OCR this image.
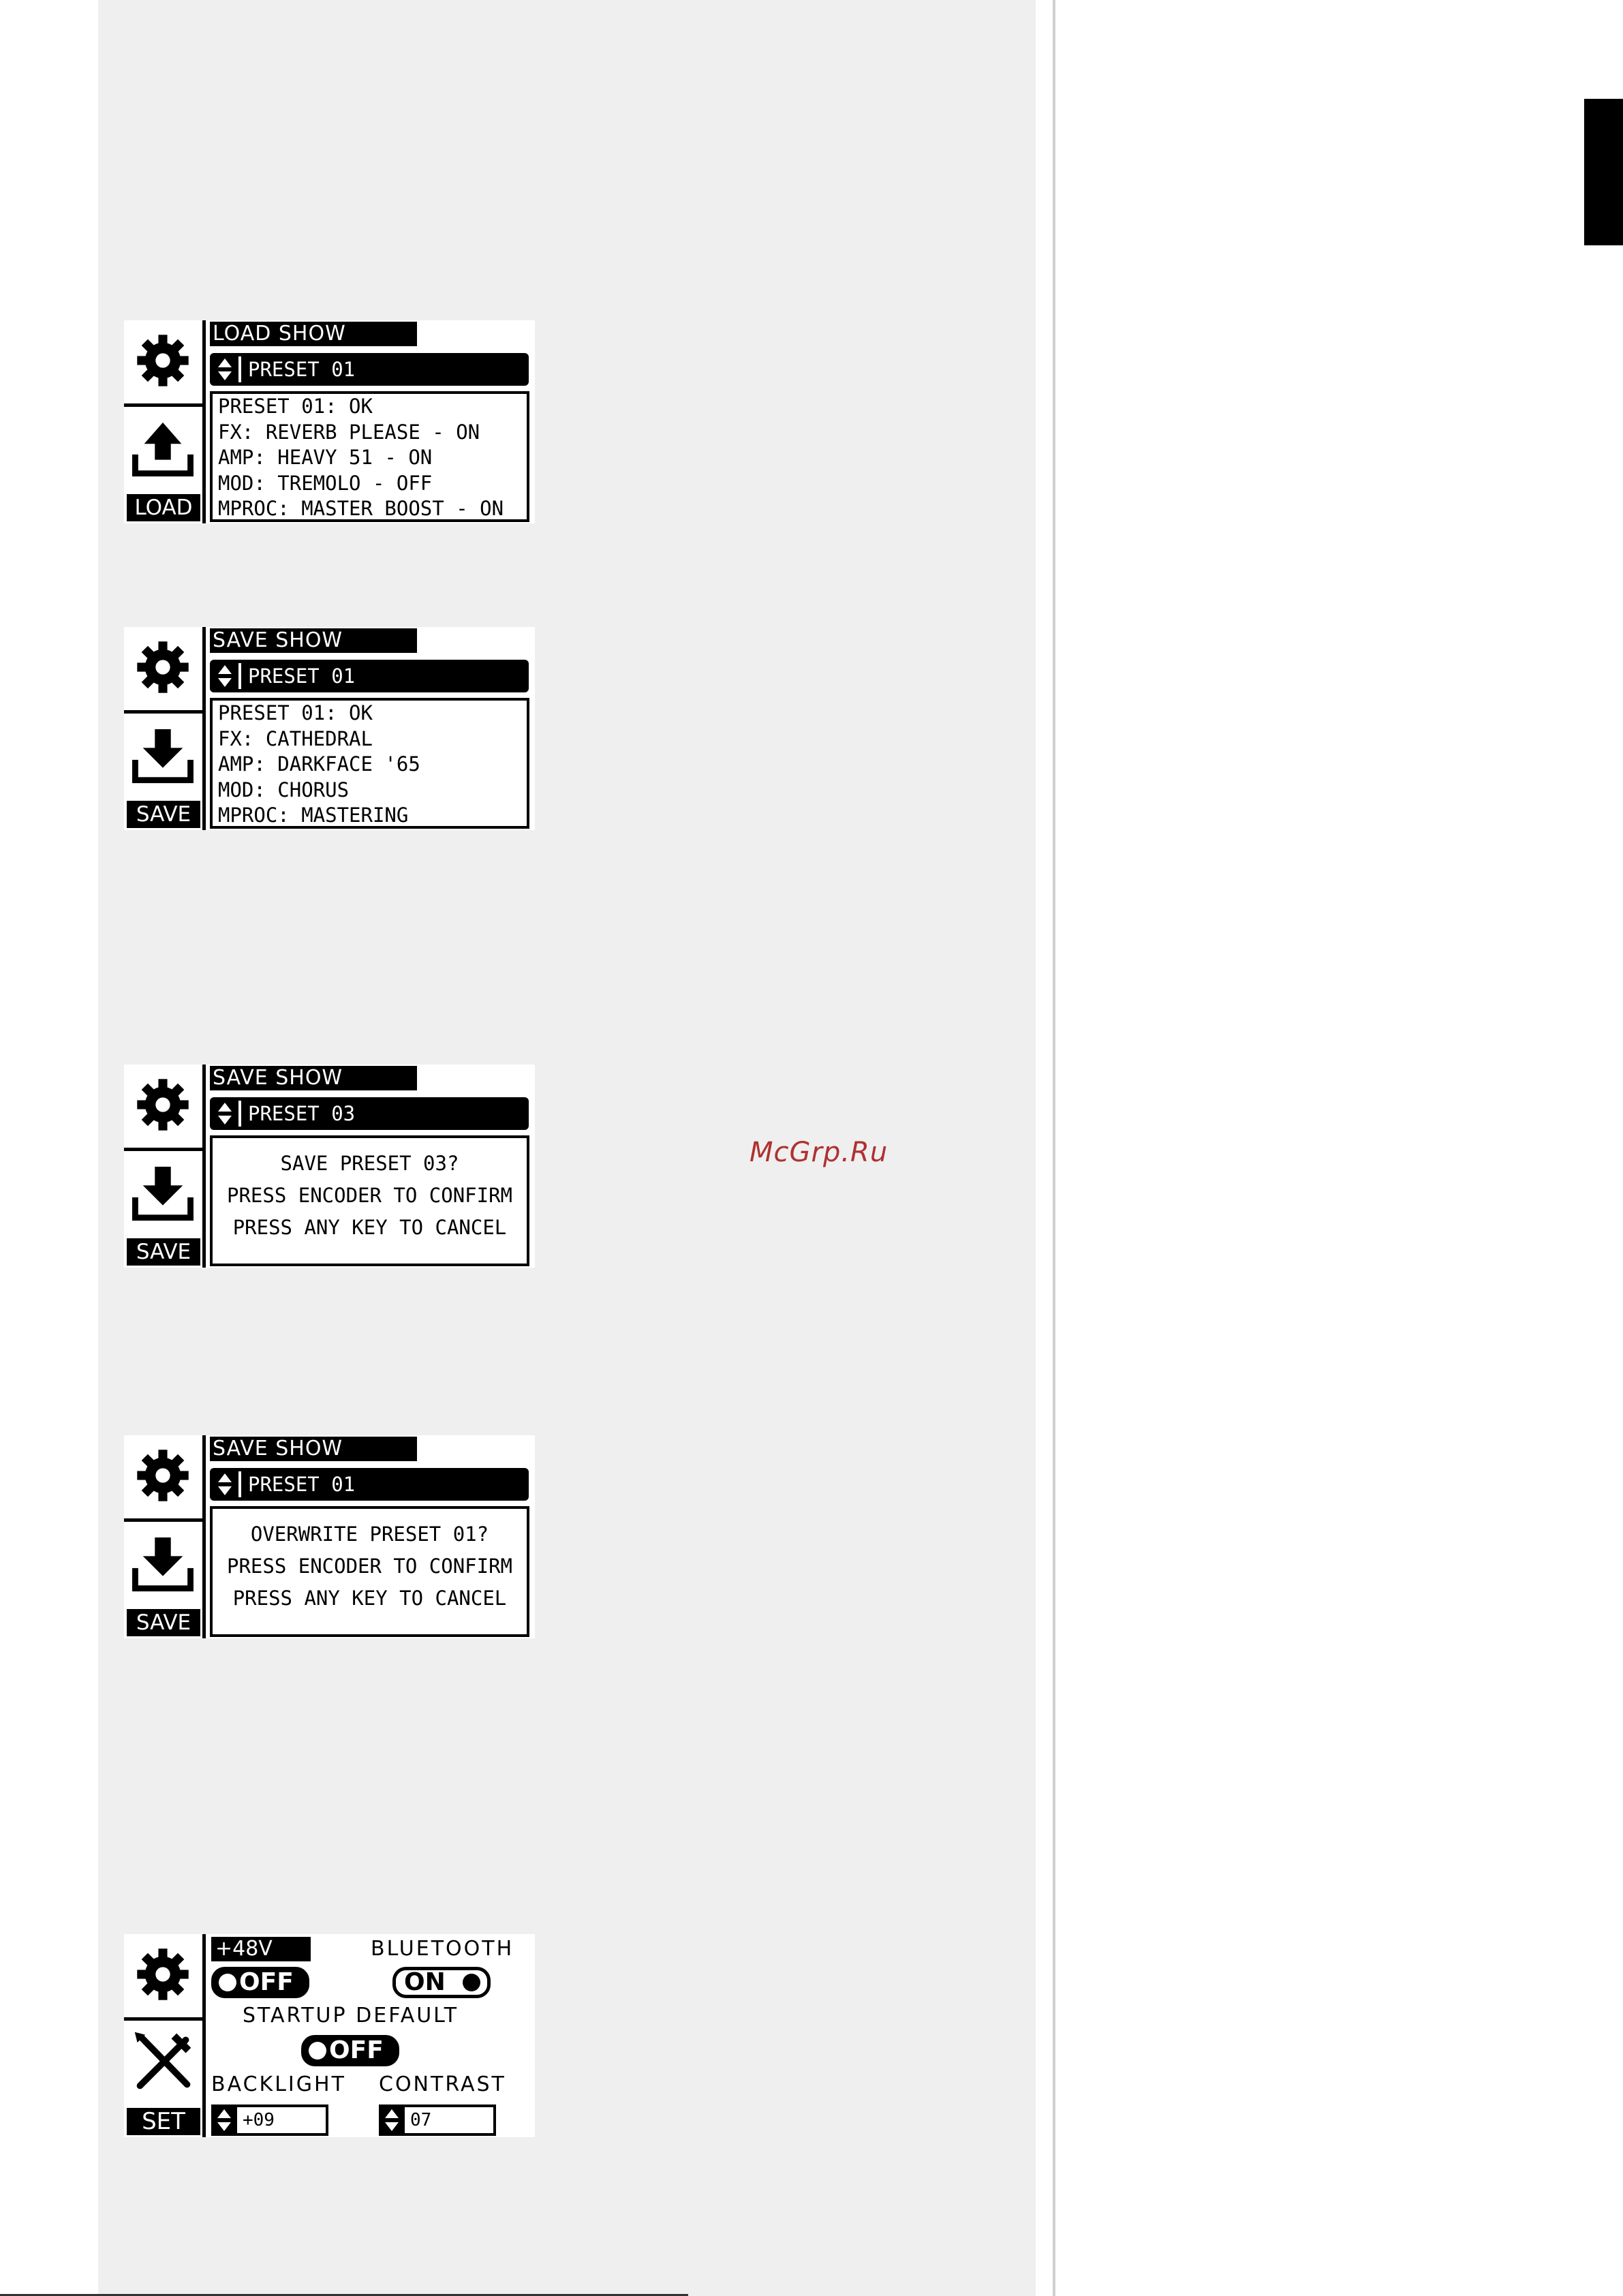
McGrp.Ru
LOAD
LOAD SHOW
PRESET 01
PRESET 01: OK
FX: REVERB PLEASE - ON
AMP: HEAVY 51 - ON
MOD: TREMOLO - OFF
MPROC: MASTER BOOST - ON
SAVE
SAVE SHOW
PRESET 01
PRESET 01: OK
FX: CATHEDRAL
AMP: DARKFACE '65
MOD: CHORUS
MPROC: MASTERING
SAVE
SAVE SHOW
PRESET 03
SAVE PRESET 03?
PRESS ENCODER TO CONFIRM
PRESS ANY KEY TO CANCEL
SAVE
SAVE SHOW
PRESET 01
OVERWRITE PRESET 01?
PRESS ENCODER TO CONFIRM
PRESS ANY KEY TO CANCEL
SET
+48V	BLUETOOTH
OFF	ON
STARTUP DEFAULT
OFF
BACKLIGHT CONTRAST
+09	07
